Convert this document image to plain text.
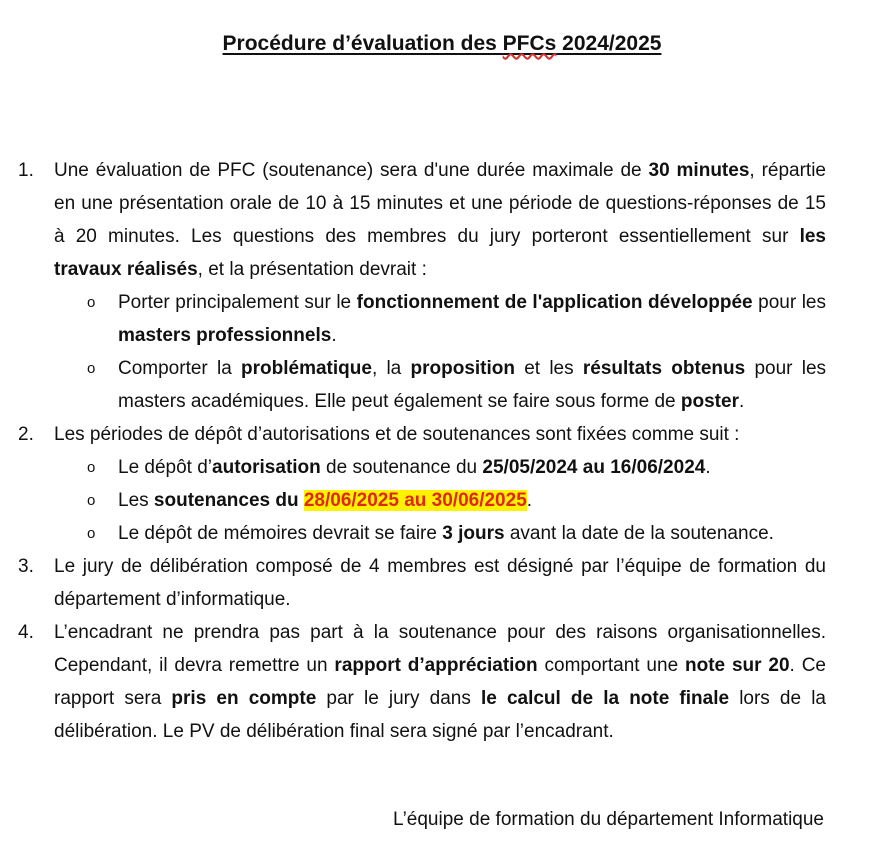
Procédure d’évaluation des PFCs 2024/2025
1.	Une évaluation de PFC (soutenance) sera d'une durée maximale de 30 minutes, répartie en une présentation orale de 10 à 15 minutes et une période de questions-réponses de 15 à 20 minutes. Les questions des membres du jury porteront essentiellement sur les travaux réalisés, et la présentation devrait :
o Porter principalement sur le fonctionnement de l'application développée pour les masters professionnels.
o Comporter la problématique, la proposition et les résultats obtenus pour les masters académiques. Elle peut également se faire sous forme de poster.
2.	Les périodes de dépôt d’autorisations et de soutenances sont fixées comme suit :
o Le dépôt d’autorisation de soutenance du 25/05/2024 au 16/06/2024.
o Les soutenances du 28/06/2025 au 30/06/2025.
o Le dépôt de mémoires devrait se faire 3 jours avant la date de la soutenance.
3.	Le jury de délibération composé de 4 membres est désigné par l’équipe de formation du département d’informatique.
4.	L’encadrant ne prendra pas part à la soutenance pour des raisons organisationnelles. Cependant, il devra remettre un rapport d’appréciation comportant une note sur 20. Ce rapport sera pris en compte par le jury dans le calcul de la note finale lors de la délibération. Le PV de délibération final sera signé par l’encadrant.
L’équipe de formation du département Informatique
